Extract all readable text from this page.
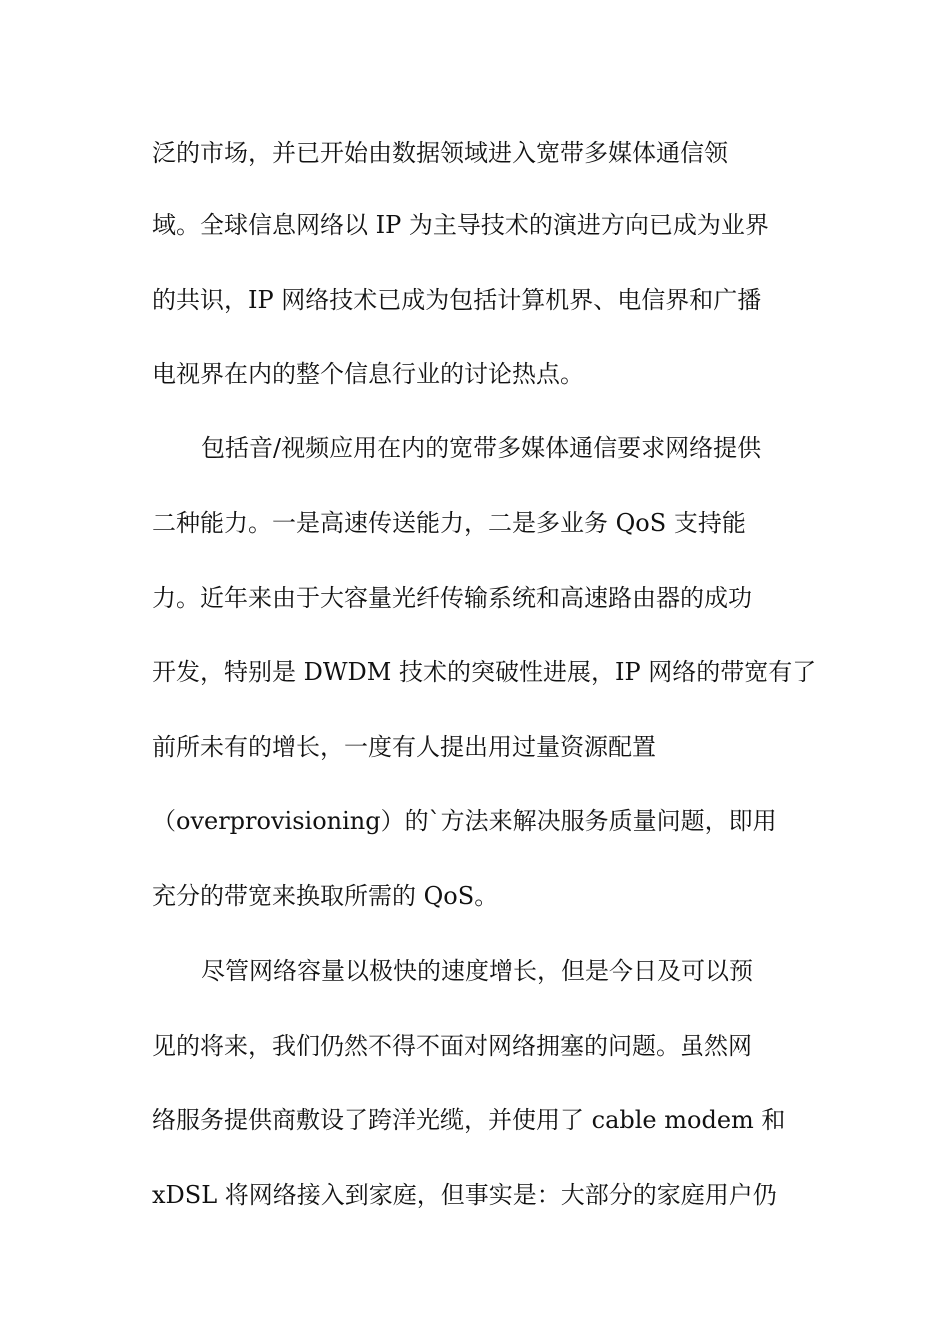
泛的市场，并已开始由数据领域进入宽带多媒体通信领
域。全球信息网络以 IP 为主导技术的演进方向已成为业界
的共识，IP 网络技术已成为包括计算机界、电信界和广播
电视界在内的整个信息行业的讨论热点。
包括音/视频应用在内的宽带多媒体通信要求网络提供
二种能力。一是高速传送能力，二是多业务 QoS 支持能
力。近年来由于大容量光纤传输系统和高速路由器的成功
开发，特别是 DWDM 技术的突破性进展，IP 网络的带宽有了
前所未有的增长，一度有人提出用过量资源配置
（overprovisioning）的`方法来解决服务质量问题，即用
充分的带宽来换取所需的 QoS。
尽管网络容量以极快的速度增长，但是今日及可以预
见的将来，我们仍然不得不面对网络拥塞的问题。虽然网
络服务提供商敷设了跨洋光缆，并使用了 cable modem 和
xDSL 将网络接入到家庭，但事实是：大部分的家庭用户仍
